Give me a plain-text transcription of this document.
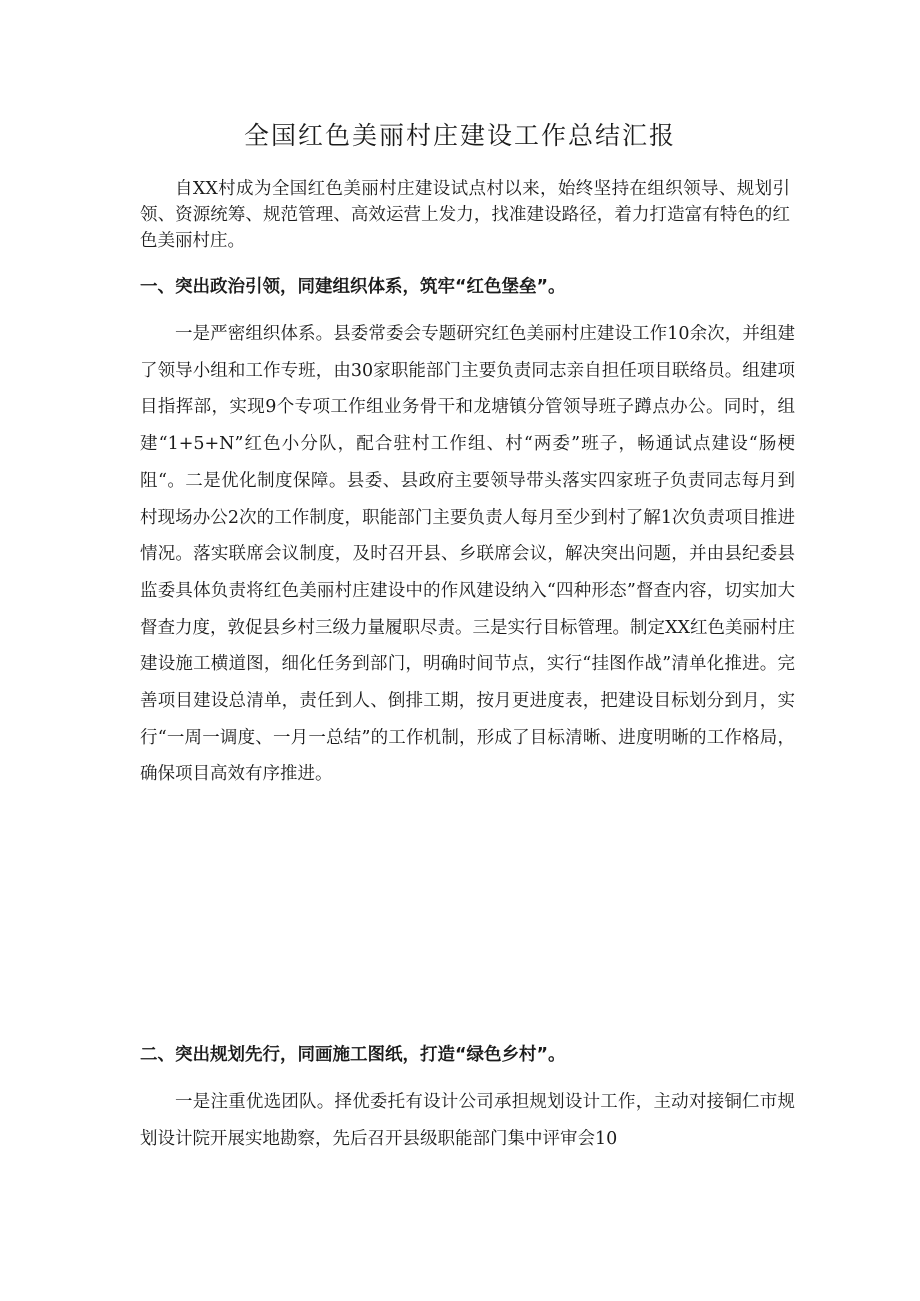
全国红色美丽村庄建设工作总结汇报

自XX村成为全国红色美丽村庄建设试点村以来，始终坚持在组织领导、规划引领、资源统筹、规范管理、高效运营上发力，找准建设路径，着力打造富有特色的红色美丽村庄。

一、突出政治引领，同建组织体系，筑牢“红色堡垒”。

一是严密组织体系。县委常委会专题研究红色美丽村庄建设工作10余次，并组建了领导小组和工作专班，由30家职能部门主要负责同志亲自担任项目联络员。组建项目指挥部，实现9个专项工作组业务骨干和龙塘镇分管领导班子蹲点办公。同时，组建“1+5+N”红色小分队，配合驻村工作组、村“两委”班子，畅通试点建设“肠梗阻“。二是优化制度保障。县委、县政府主要领导带头落实四家班子负责同志每月到村现场办公2次的工作制度，职能部门主要负责人每月至少到村了解1次负责项目推进情况。落实联席会议制度，及时召开县、乡联席会议，解决突出问题，并由县纪委县监委具体负责将红色美丽村庄建设中的作风建设纳入“四种形态”督查内容，切实加大督查力度，敦促县乡村三级力量履职尽责。三是实行目标管理。制定XX红色美丽村庄建设施工横道图，细化任务到部门，明确时间节点，实行“挂图作战”清单化推进。完善项目建设总清单，责任到人、倒排工期，按月更进度表，把建设目标划分到月，实行“一周一调度、一月一总结”的工作机制，形成了目标清晰、进度明晰的工作格局，确保项目高效有序推进。

二、突出规划先行，同画施工图纸，打造“绿色乡村”。

一是注重优选团队。择优委托有设计公司承担规划设计工作，主动对接铜仁市规划设计院开展实地勘察，先后召开县级职能部门集中评审会10
